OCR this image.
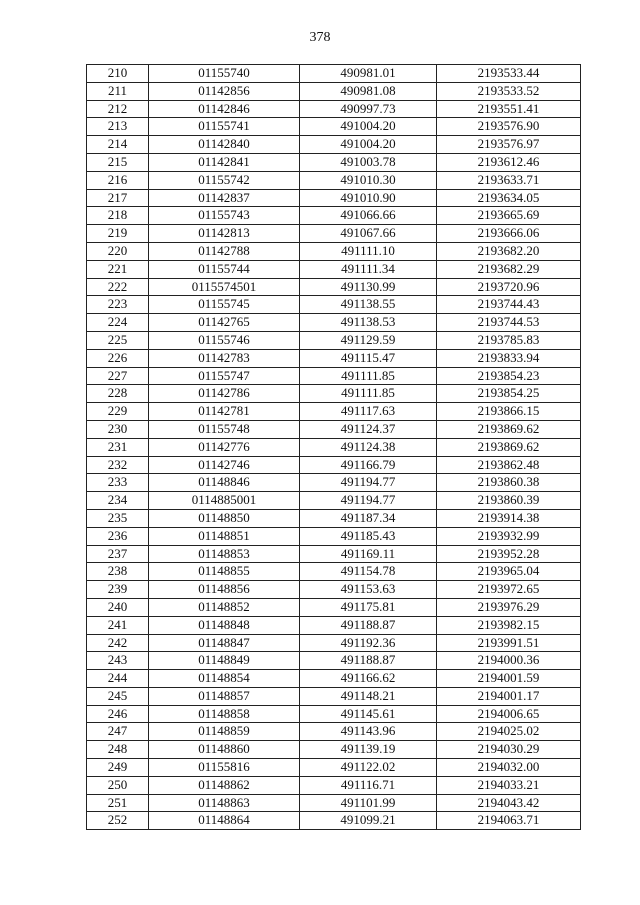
378
210	01155740	490981.01	2193533.44
211	01142856	490981.08	2193533.52
212	01142846	490997.73	2193551.41
213	01155741	491004.20	2193576.90
214	01142840	491004.20	2193576.97
215	01142841	491003.78	2193612.46
216	01155742	491010.30	2193633.71
217	01142837	491010.90	2193634.05
218	01155743	491066.66	2193665.69
219	01142813	491067.66	2193666.06
220	01142788	491111.10	2193682.20
221	01155744	491111.34	2193682.29
222	0115574501	491130.99	2193720.96
223	01155745	491138.55	2193744.43
224	01142765	491138.53	2193744.53
225	01155746	491129.59	2193785.83
226	01142783	491115.47	2193833.94
227	01155747	491111.85	2193854.23
228	01142786	491111.85	2193854.25
229	01142781	491117.63	2193866.15
230	01155748	491124.37	2193869.62
231	01142776	491124.38	2193869.62
232	01142746	491166.79	2193862.48
233	01148846	491194.77	2193860.38
234	0114885001	491194.77	2193860.39
235	01148850	491187.34	2193914.38
236	01148851	491185.43	2193932.99
237	01148853	491169.11	2193952.28
238	01148855	491154.78	2193965.04
239	01148856	491153.63	2193972.65
240	01148852	491175.81	2193976.29
241	01148848	491188.87	2193982.15
242	01148847	491192.36	2193991.51
243	01148849	491188.87	2194000.36
244	01148854	491166.62	2194001.59
245	01148857	491148.21	2194001.17
246	01148858	491145.61	2194006.65
247	01148859	491143.96	2194025.02
248	01148860	491139.19	2194030.29
249	01155816	491122.02	2194032.00
250	01148862	491116.71	2194033.21
251	01148863	491101.99	2194043.42
252	01148864	491099.21	2194063.71
